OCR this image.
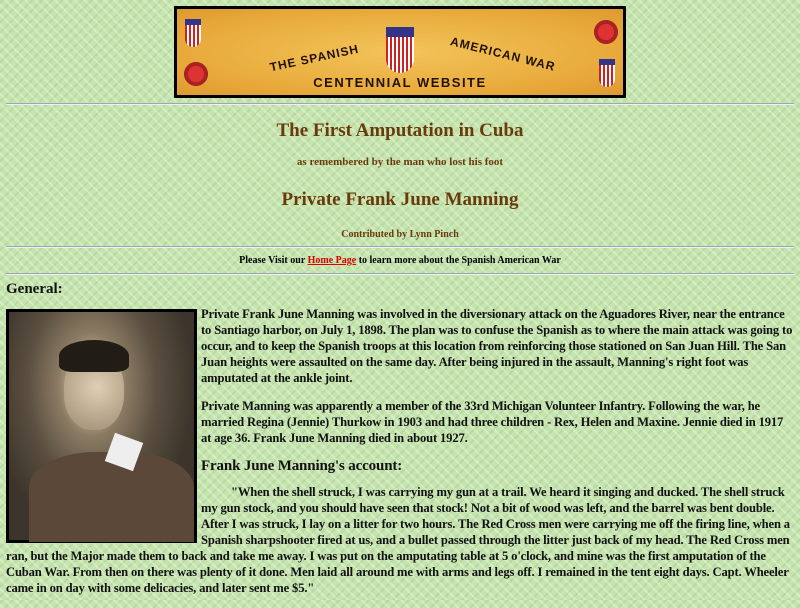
THE SPANISH	AMERICAN WAR
CENTENNIAL WEBSITE
The First Amputation in Cuba
as remembered by the man who lost his foot
Private Frank June Manning
Contributed by Lynn Pinch
Please Visit our Home Page to learn more about the Spanish American War
General:

Private Frank June Manning was involved in the diversionary attack on the Aguadores River, near the entrance to Santiago harbor, on July 1, 1898. The plan was to confuse the Spanish as to where the main attack was going to occur, and to keep the Spanish troops at this location from reinforcing those stationed on San Juan Hill. The San Juan heights were assaulted on the same day. After being injured in the assault, Manning's right foot was amputated at the ankle joint.

Private Manning was apparently a member of the 33rd Michigan Volunteer Infantry. Following the war, he married Regina (Jennie) Thurkow in 1903 and had three children - Rex, Helen and Maxine. Jennie died in 1917 at age 36. Frank June Manning died in about 1927.

Frank June Manning's account:

"When the shell struck, I was carrying my gun at a trail. We heard it singing and ducked. The shell struck my gun stock, and you should have seen that stock! Not a bit of wood was left, and the barrel was bent double. After I was struck, I lay on a litter for two hours. The Red Cross men were carrying me off the firing line, when a Spanish sharpshooter fired at us, and a bullet passed through the litter just back of my head. The Red Cross men ran, but the Major made them to back and take me away. I was put on the amputating table at 5 o'clock, and mine was the first amputation of the Cuban War. From then on there was plenty of it done. Men laid all around me with arms and legs off. I remained in the tent eight days. Capt. Wheeler came in on day with some delicacies, and later sent me $5."
